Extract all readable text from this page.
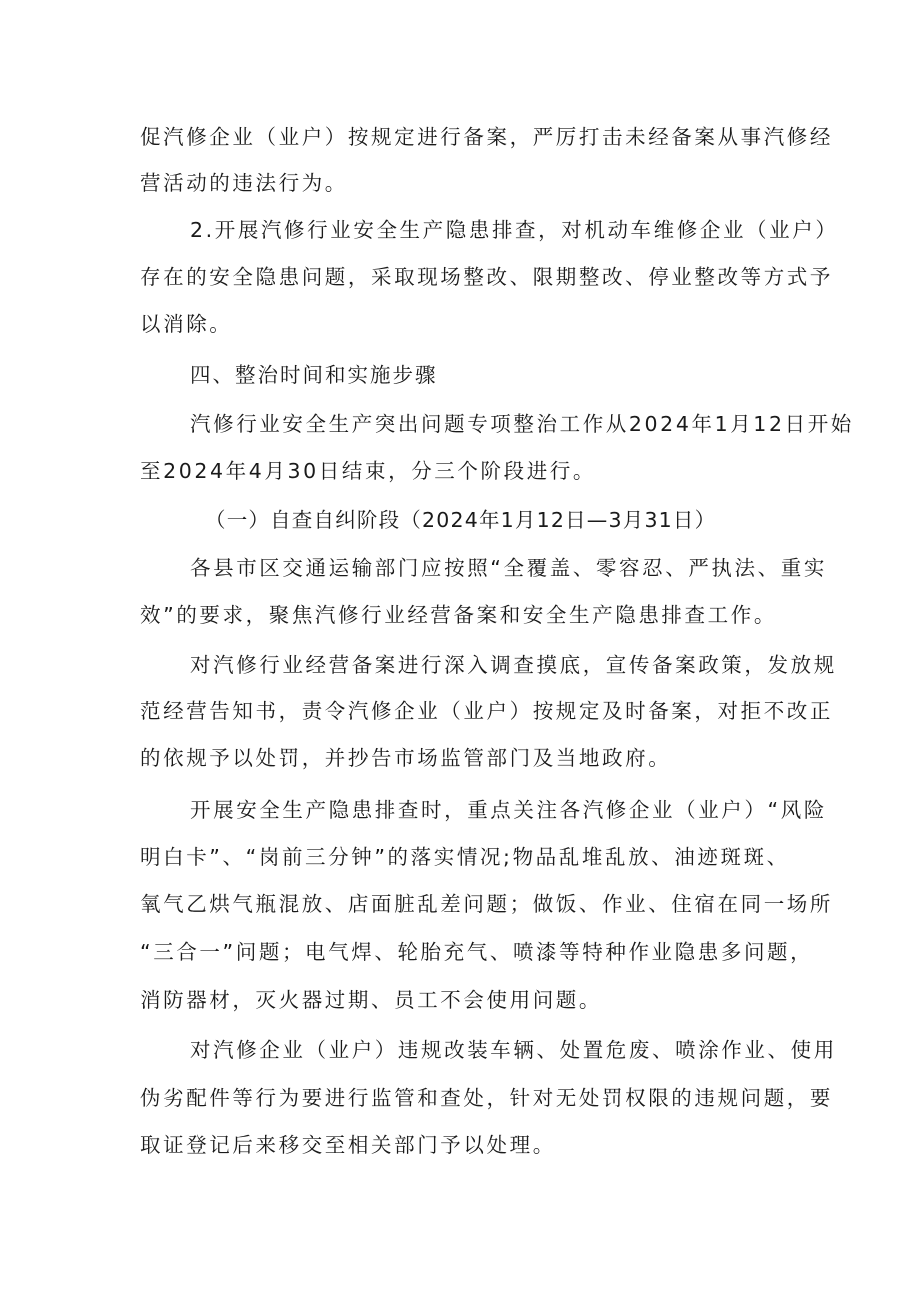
促汽修企业（业户）按规定进行备案，严厉打击未经备案从事汽修经
营活动的违法行为。
2.开展汽修行业安全生产隐患排查，对机动车维修企业（业户）
存在的安全隐患问题，采取现场整改、限期整改、停业整改等方式予
以消除。
四、整治时间和实施步骤
汽修行业安全生产突出问题专项整治工作从2024年1月12日开始
至2024年4月30日结束，分三个阶段进行。
（一）自查自纠阶段（2024年1月12日—3月31日）
各县市区交通运输部门应按照“全覆盖、零容忍、严执法、重实
效”的要求，聚焦汽修行业经营备案和安全生产隐患排查工作。
对汽修行业经营备案进行深入调查摸底，宣传备案政策，发放规
范经营告知书，责令汽修企业（业户）按规定及时备案，对拒不改正
的依规予以处罚，并抄告市场监管部门及当地政府。
开展安全生产隐患排查时，重点关注各汽修企业（业户）“风险
明白卡”、“岗前三分钟”的落实情况;物品乱堆乱放、油迹斑斑、
氧气乙烘气瓶混放、店面脏乱差问题；做饭、作业、住宿在同一场所
“三合一”问题；电气焊、轮胎充气、喷漆等特种作业隐患多问题，
消防器材，灭火器过期、员工不会使用问题。
对汽修企业（业户）违规改装车辆、处置危废、喷涂作业、使用
伪劣配件等行为要进行监管和查处，针对无处罚权限的违规问题，要
取证登记后来移交至相关部门予以处理。
